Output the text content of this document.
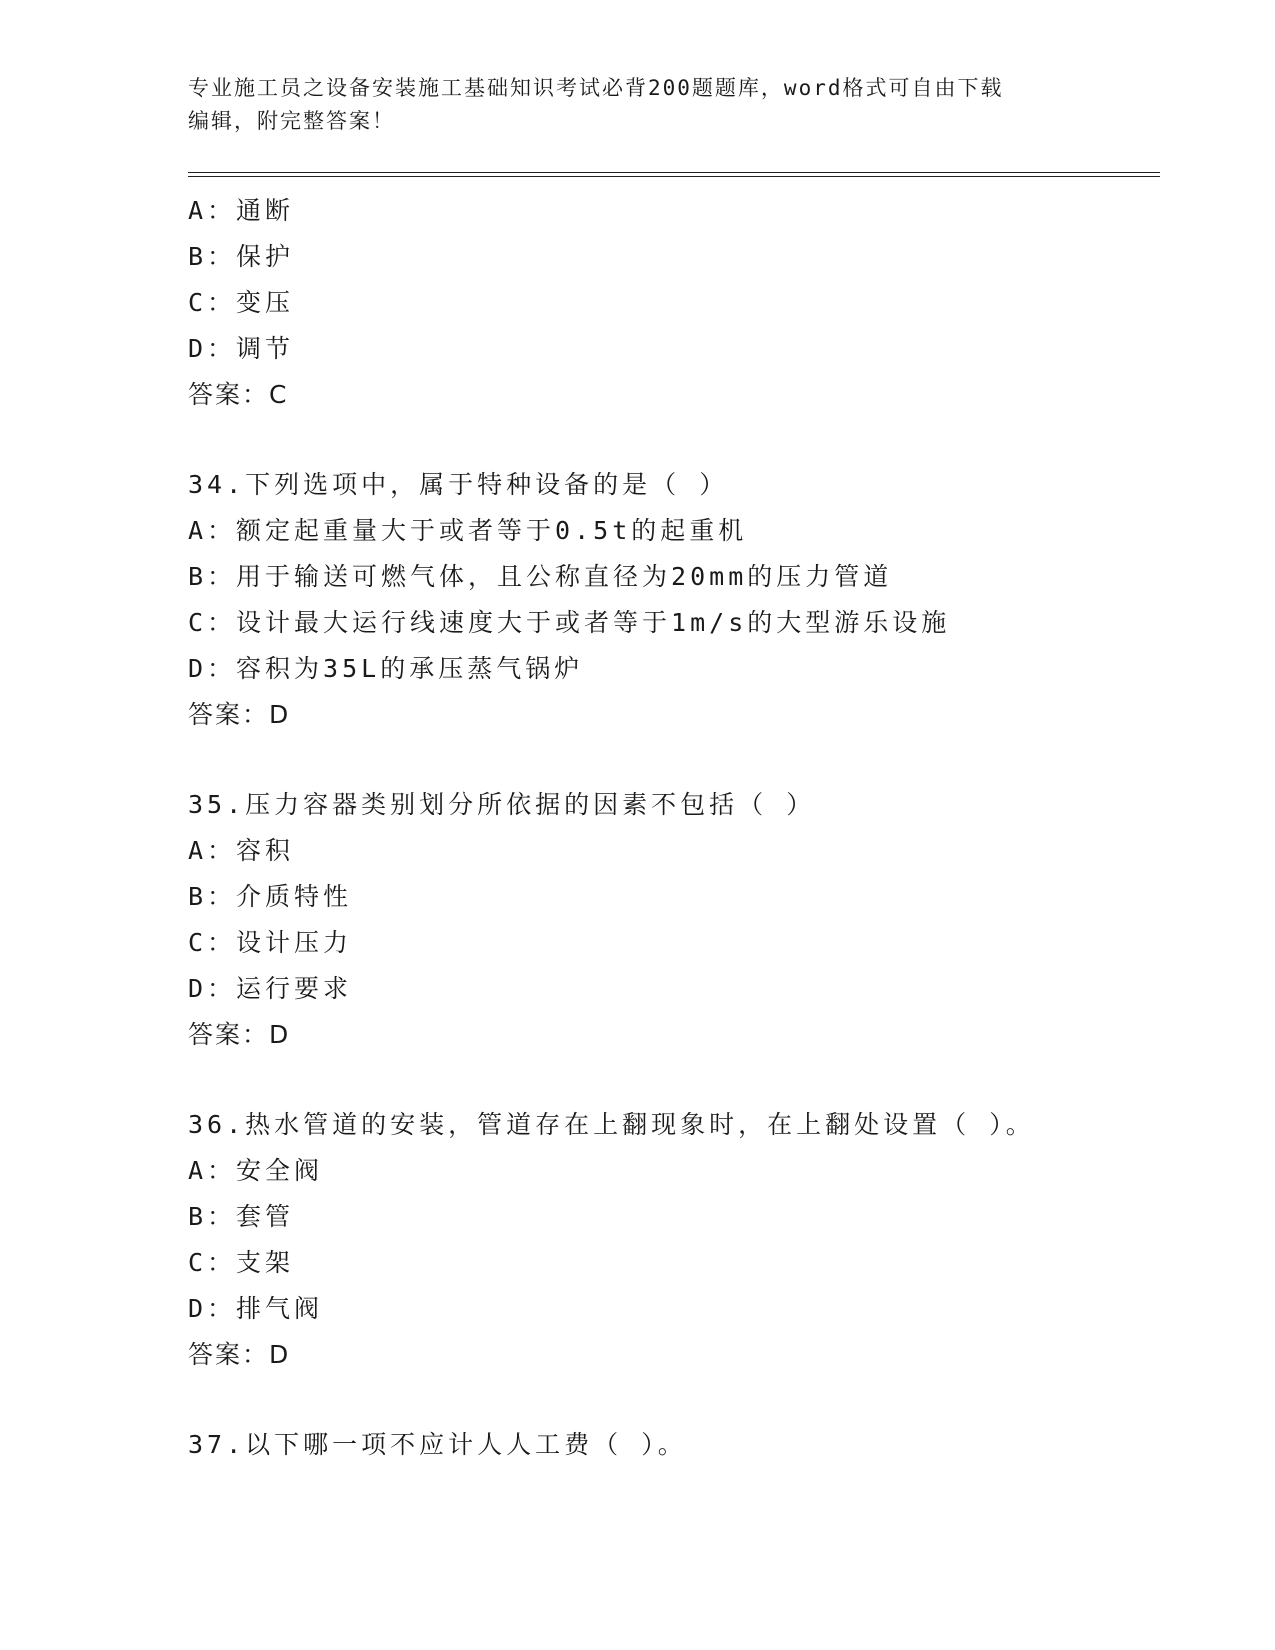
专业施工员之设备安装施工基础知识考试必背200题题库，word格式可自由下载
编辑，附完整答案！
A：通断
B：保护
C：变压
D：调节
答案：C
34.下列选项中，属于特种设备的是（ ）
A：额定起重量大于或者等于0.5t的起重机
B：用于输送可燃气体，且公称直径为20mm的压力管道
C：设计最大运行线速度大于或者等于1m/s的大型游乐设施
D：容积为35L的承压蒸气锅炉
答案：D
35.压力容器类别划分所依据的因素不包括（ ）
A：容积
B：介质特性
C：设计压力
D：运行要求
答案：D
36.热水管道的安装，管道存在上翻现象时，在上翻处设置（ ）。
A：安全阀
B：套管
C：支架
D：排气阀
答案：D
37.以下哪一项不应计人人工费（ ）。
